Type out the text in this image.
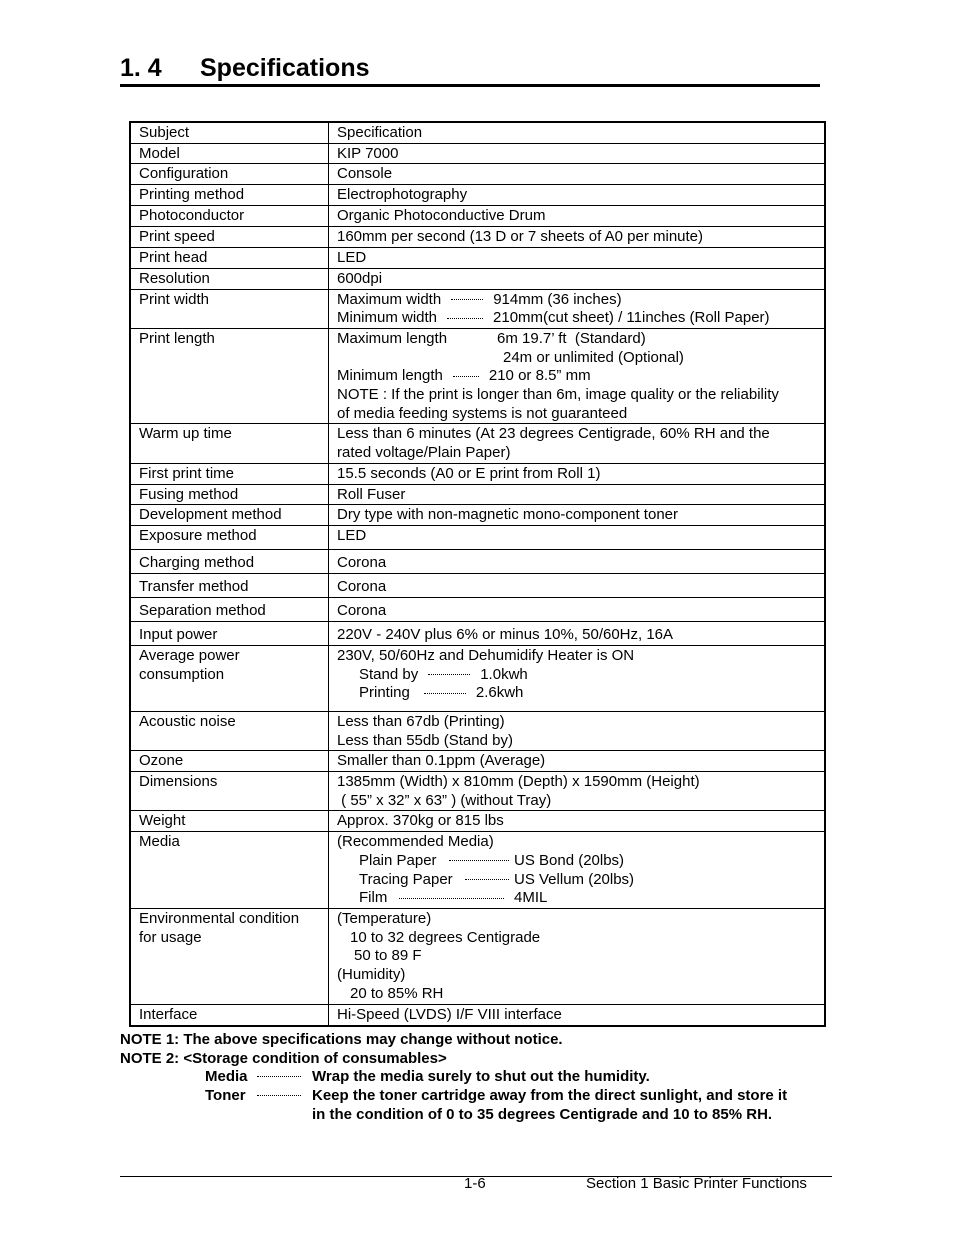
1. 4 Specifications
Subject	Specification
Model	KIP 7000
Configuration	Console
Printing method	Electrophotography
Photoconductor	Organic Photoconductive Drum
Print speed	160mm per second (13 D or 7 sheets of A0 per minute)
Print head	LED
Resolution	600dpi
Print width	Maximum width 914mm (36 inches)
Minimum width 210mm(cut sheet) / 11inches (Roll Paper)

Print length	Maximum length 6m 19.7’ ft  (Standard)
24m or unlimited (Optional)
Minimum length 210 or 8.5” mm
NOTE : If the print is longer than 6m, image quality or the reliability
of media feeding systems is not guaranteed

Warm up time	Less than 6 minutes (At 23 degrees Centigrade, 60% RH and the
rated voltage/Plain Paper)

First print time	15.5 seconds (A0 or E print from Roll 1)
Fusing method	Roll Fuser
Development method	Dry type with non-magnetic mono-component toner
Exposure method	LED
Charging method	Corona
Transfer method	Corona
Separation method	Corona
Input power	220V - 240V plus 6% or minus 10%, 50/60Hz, 16A

Average power
consumption	230V, 50/60Hz and Dehumidify Heater is ON
Stand by 1.0kwh
Printing 2.6kwh

Acoustic noise	Less than 67db (Printing)
Less than 55db (Stand by)

Ozone	Smaller than 0.1ppm (Average)
Dimensions	1385mm (Width) x 810mm (Depth) x 1590mm (Height)
( 55” x 32” x 63” ) (without Tray)

Weight	Approx. 370kg or 815 lbs
Media	(Recommended Media)
Plain Paper US Bond (20lbs)
Tracing Paper US Vellum (20lbs)
Film 4MIL

Environmental condition
for usage	(Temperature)
10 to 32 degrees Centigrade
50 to 89 F
(Humidity)
20 to 85% RH

Interface	Hi-Speed (LVDS) I/F VIII interface
NOTE 1: The above specifications may change without notice.
NOTE 2: <Storage condition of consumables>
Media	Wrap the media surely to shut out the humidity.
Toner	Keep the toner cartridge away from the direct sunlight, and store it
in the condition of 0 to 35 degrees Centigrade and 10 to 85% RH.
1-6	Section 1 Basic Printer Functions
